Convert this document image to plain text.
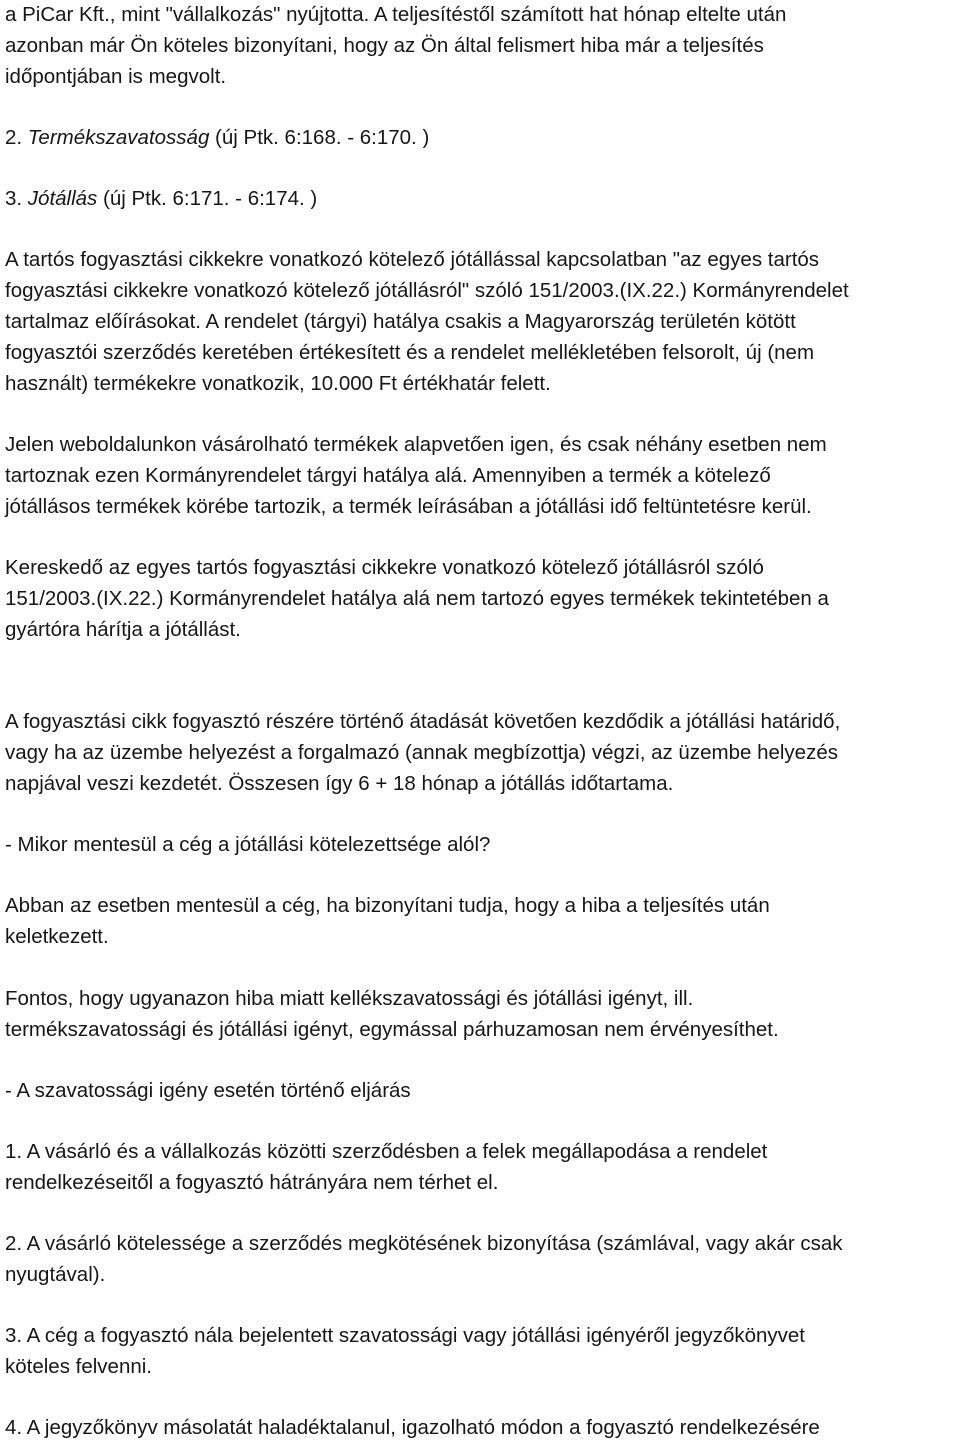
a PiCar Kft., mint "vállalkozás" nyújtotta. A teljesítéstől számított hat hónap eltelte után
azonban már Ön köteles bizonyítani, hogy az Ön által felismert hiba már a teljesítés
időpontjában is megvolt.

2. Termékszavatosság (új Ptk. 6:168. - 6:170. )

3. Jótállás (új Ptk. 6:171. - 6:174. )

A tartós fogyasztási cikkekre vonatkozó kötelező jótállással kapcsolatban "az egyes tartós
fogyasztási cikkekre vonatkozó kötelező jótállásról" szóló 151/2003.(IX.22.) Kormányrendelet
tartalmaz előírásokat. A rendelet (tárgyi) hatálya csakis a Magyarország területén kötött
fogyasztói szerződés keretében értékesített és a rendelet mellékletében felsorolt, új (nem
használt) termékekre vonatkozik, 10.000 Ft értékhatár felett.

Jelen weboldalunkon vásárolható termékek alapvetően igen, és csak néhány esetben nem
tartoznak ezen Kormányrendelet tárgyi hatálya alá. Amennyiben a termék a kötelező
jótállásos termékek körébe tartozik, a termék leírásában a jótállási idő feltüntetésre kerül.

Kereskedő az egyes tartós fogyasztási cikkekre vonatkozó kötelező jótállásról szóló
151/2003.(IX.22.) Kormányrendelet hatálya alá nem tartozó egyes termékek tekintetében a
gyártóra hárítja a jótállást.

A fogyasztási cikk fogyasztó részére történő átadását követően kezdődik a jótállási határidő,
vagy ha az üzembe helyezést a forgalmazó (annak megbízottja) végzi, az üzembe helyezés
napjával veszi kezdetét. Összesen így 6 + 18 hónap a jótállás időtartama.

- Mikor mentesül a cég a jótállási kötelezettsége alól?

Abban az esetben mentesül a cég, ha bizonyítani tudja, hogy a hiba a teljesítés után
keletkezett.

Fontos, hogy ugyanazon hiba miatt kellékszavatossági és jótállási igényt, ill.
termékszavatossági és jótállási igényt, egymással párhuzamosan nem érvényesíthet.

- A szavatossági igény esetén történő eljárás

1. A vásárló és a vállalkozás közötti szerződésben a felek megállapodása a rendelet
rendelkezéseitől a fogyasztó hátrányára nem térhet el.

2. A vásárló kötelessége a szerződés megkötésének bizonyítása (számlával, vagy akár csak
nyugtával).

3. A cég a fogyasztó nála bejelentett szavatossági vagy jótállási igényéről jegyzőkönyvet
köteles felvenni.

4. A jegyzőkönyv másolatát haladéktalanul, igazolható módon a fogyasztó rendelkezésére
